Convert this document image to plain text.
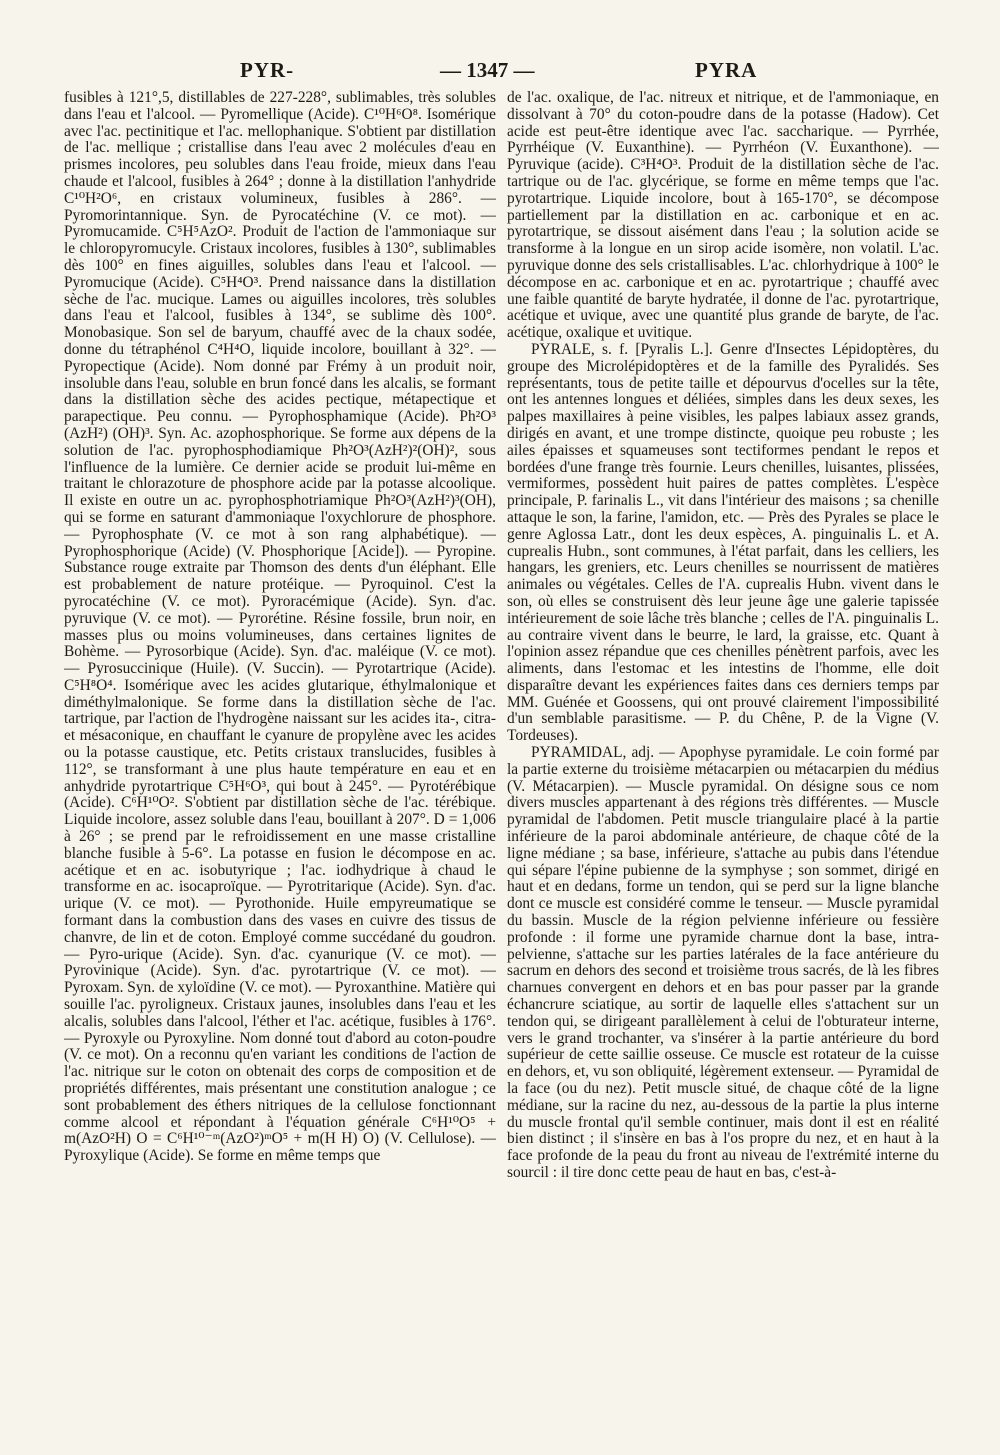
PYR-	— 1347 —	PYRA

fusibles à 121°,5, distillables de 227-228°, sublimables, très solubles dans l'eau et l'alcool. — Pyromellique (Acide). C¹⁰H⁶O⁸. Isomérique avec l'ac. pectinitique et l'ac. mellophanique. S'obtient par distillation de l'ac. mellique ; cristallise dans l'eau avec 2 molécules d'eau en prismes incolores, peu solubles dans l'eau froide, mieux dans l'eau chaude et l'alcool, fusibles à 264° ; donne à la distillation l'anhydride C¹⁰H²O⁶, en cristaux volumineux, fusibles à 286°. — Pyromorintannique. Syn. de Pyrocatéchine (V. ce mot). — Pyromucamide. C⁵H⁵AzO². Produit de l'action de l'ammoniaque sur le chloropyromucyle. Cristaux incolores, fusibles à 130°, sublimables dès 100° en fines aiguilles, solubles dans l'eau et l'alcool. — Pyromucique (Acide). C⁵H⁴O³. Prend naissance dans la distillation sèche de l'ac. mucique. Lames ou aiguilles incolores, très solubles dans l'eau et l'alcool, fusibles à 134°, se sublime dès 100°. Monobasique. Son sel de baryum, chauffé avec de la chaux sodée, donne du tétraphénol C⁴H⁴O, liquide incolore, bouillant à 32°. — Pyropectique (Acide). Nom donné par Frémy à un produit noir, insoluble dans l'eau, soluble en brun foncé dans les alcalis, se formant dans la distillation sèche des acides pectique, métapectique et parapectique. Peu connu. — Pyrophosphamique (Acide). Ph²O³ (AzH²) (OH)³. Syn. Ac. azophosphorique. Se forme aux dépens de la solution de l'ac. pyrophosphodiamique Ph²O³(AzH²)²(OH)², sous l'influence de la lumière. Ce dernier acide se produit lui-même en traitant le chlorazoture de phosphore acide par la potasse alcoolique. Il existe en outre un ac. pyrophosphotriamique Ph²O³(AzH²)³(OH), qui se forme en saturant d'ammoniaque l'oxychlorure de phosphore. — Pyrophosphate (V. ce mot à son rang alphabétique). — Pyrophosphorique (Acide) (V. Phosphorique [Acide]). — Pyropine. Substance rouge extraite par Thomson des dents d'un éléphant. Elle est probablement de nature protéique. — Pyroquinol. C'est la pyrocatéchine (V. ce mot). Pyroracémique (Acide). Syn. d'ac. pyruvique (V. ce mot). — Pyrorétine. Résine fossile, brun noir, en masses plus ou moins volumineuses, dans certaines lignites de Bohème. — Pyrosorbique (Acide). Syn. d'ac. maléique (V. ce mot). — Pyrosuccinique (Huile). (V. Succin). — Pyrotartrique (Acide). C⁵H⁸O⁴. Isomérique avec les acides glutarique, éthylmalonique et diméthylmalonique. Se forme dans la distillation sèche de l'ac. tartrique, par l'action de l'hydrogène naissant sur les acides ita-, citra- et mésaconique, en chauffant le cyanure de propylène avec les acides ou la potasse caustique, etc. Petits cristaux translucides, fusibles à 112°, se transformant à une plus haute température en eau et en anhydride pyrotartrique C⁵H⁶O³, qui bout à 245°. — Pyrotérébique (Acide). C⁶H¹⁰O². S'obtient par distillation sèche de l'ac. térébique. Liquide incolore, assez soluble dans l'eau, bouillant à 207°. D = 1,006 à 26° ; se prend par le refroidissement en une masse cristalline blanche fusible à 5-6°. La potasse en fusion le décompose en ac. acétique et en ac. isobutyrique ; l'ac. iodhydrique à chaud le transforme en ac. isocaproïque. — Pyrotritarique (Acide). Syn. d'ac. urique (V. ce mot). — Pyrothonide. Huile empyreumatique se formant dans la combustion dans des vases en cuivre des tissus de chanvre, de lin et de coton. Employé comme succédané du goudron. — Pyro-urique (Acide). Syn. d'ac. cyanurique (V. ce mot). — Pyrovinique (Acide). Syn. d'ac. pyrotartrique (V. ce mot). — Pyroxam. Syn. de xyloïdine (V. ce mot). — Pyroxanthine. Matière qui souille l'ac. pyroligneux. Cristaux jaunes, insolubles dans l'eau et les alcalis, solubles dans l'alcool, l'éther et l'ac. acétique, fusibles à 176°. — Pyroxyle ou Pyroxyline. Nom donné tout d'abord au coton-poudre (V. ce mot). On a reconnu qu'en variant les conditions de l'action de l'ac. nitrique sur le coton on obtenait des corps de composition et de propriétés différentes, mais présentant une constitution analogue ; ce sont probablement des éthers nitriques de la cellulose fonctionnant comme alcool et répondant à l'équation générale C⁶H¹⁰O⁵ + m(AzO²H) O = C⁶H¹⁰⁻ᵐ(AzO²)ᵐO⁵ + m(H H) O) (V. Cellulose). — Pyroxylique (Acide). Se forme en même temps que

de l'ac. oxalique, de l'ac. nitreux et nitrique, et de l'ammoniaque, en dissolvant à 70° du coton-poudre dans de la potasse (Hadow). Cet acide est peut-être identique avec l'ac. saccharique. — Pyrrhée, Pyrrhéique (V. Euxanthine). — Pyrrhéon (V. Euxanthone). — Pyruvique (acide). C³H⁴O³. Produit de la distillation sèche de l'ac. tartrique ou de l'ac. glycérique, se forme en même temps que l'ac. pyrotartrique. Liquide incolore, bout à 165-170°, se décompose partiellement par la distillation en ac. carbonique et en ac. pyrotartrique, se dissout aisément dans l'eau ; la solution acide se transforme à la longue en un sirop acide isomère, non volatil. L'ac. pyruvique donne des sels cristallisables. L'ac. chlorhydrique à 100° le décompose en ac. carbonique et en ac. pyrotartrique ; chauffé avec une faible quantité de baryte hydratée, il donne de l'ac. pyrotartrique, acétique et uvique, avec une quantité plus grande de baryte, de l'ac. acétique, oxalique et uvitique.

PYRALE, s. f. [Pyralis L.]. Genre d'Insectes Lépidoptères, du groupe des Microlépidoptères et de la famille des Pyralidés. Ses représentants, tous de petite taille et dépourvus d'ocelles sur la tête, ont les antennes longues et déliées, simples dans les deux sexes, les palpes maxillaires à peine visibles, les palpes labiaux assez grands, dirigés en avant, et une trompe distincte, quoique peu robuste ; les ailes épaisses et squameuses sont tectiformes pendant le repos et bordées d'une frange très fournie. Leurs chenilles, luisantes, plissées, vermiformes, possèdent huit paires de pattes complètes. L'espèce principale, P. farinalis L., vit dans l'intérieur des maisons ; sa chenille attaque le son, la farine, l'amidon, etc. — Près des Pyrales se place le genre Aglossa Latr., dont les deux espèces, A. pinguinalis L. et A. cuprealis Hubn., sont communes, à l'état parfait, dans les celliers, les hangars, les greniers, etc. Leurs chenilles se nourrissent de matières animales ou végétales. Celles de l'A. cuprealis Hubn. vivent dans le son, où elles se construisent dès leur jeune âge une galerie tapissée intérieurement de soie lâche très blanche ; celles de l'A. pinguinalis L. au contraire vivent dans le beurre, le lard, la graisse, etc. Quant à l'opinion assez répandue que ces chenilles pénètrent parfois, avec les aliments, dans l'estomac et les intestins de l'homme, elle doit disparaître devant les expériences faites dans ces derniers temps par MM. Guénée et Goossens, qui ont prouvé clairement l'impossibilité d'un semblable parasitisme. — P. du Chêne, P. de la Vigne (V. Tordeuses).

PYRAMIDAL, adj. — Apophyse pyramidale. Le coin formé par la partie externe du troisième métacarpien ou métacarpien du médius (V. Métacarpien). — Muscle pyramidal. On désigne sous ce nom divers muscles appartenant à des régions très différentes. — Muscle pyramidal de l'abdomen. Petit muscle triangulaire placé à la partie inférieure de la paroi abdominale antérieure, de chaque côté de la ligne médiane ; sa base, inférieure, s'attache au pubis dans l'étendue qui sépare l'épine pubienne de la symphyse ; son sommet, dirigé en haut et en dedans, forme un tendon, qui se perd sur la ligne blanche dont ce muscle est considéré comme le tenseur. — Muscle pyramidal du bassin. Muscle de la région pelvienne inférieure ou fessière profonde : il forme une pyramide charnue dont la base, intra-pelvienne, s'attache sur les parties latérales de la face antérieure du sacrum en dehors des second et troisième trous sacrés, de là les fibres charnues convergent en dehors et en bas pour passer par la grande échancrure sciatique, au sortir de laquelle elles s'attachent sur un tendon qui, se dirigeant parallèlement à celui de l'obturateur interne, vers le grand trochanter, va s'insérer à la partie antérieure du bord supérieur de cette saillie osseuse. Ce muscle est rotateur de la cuisse en dehors, et, vu son obliquité, légèrement extenseur. — Pyramidal de la face (ou du nez). Petit muscle situé, de chaque côté de la ligne médiane, sur la racine du nez, au-dessous de la partie la plus interne du muscle frontal qu'il semble continuer, mais dont il est en réalité bien distinct ; il s'insère en bas à l'os propre du nez, et en haut à la face profonde de la peau du front au niveau de l'extrémité interne du sourcil : il tire donc cette peau de haut en bas, c'est-à-
